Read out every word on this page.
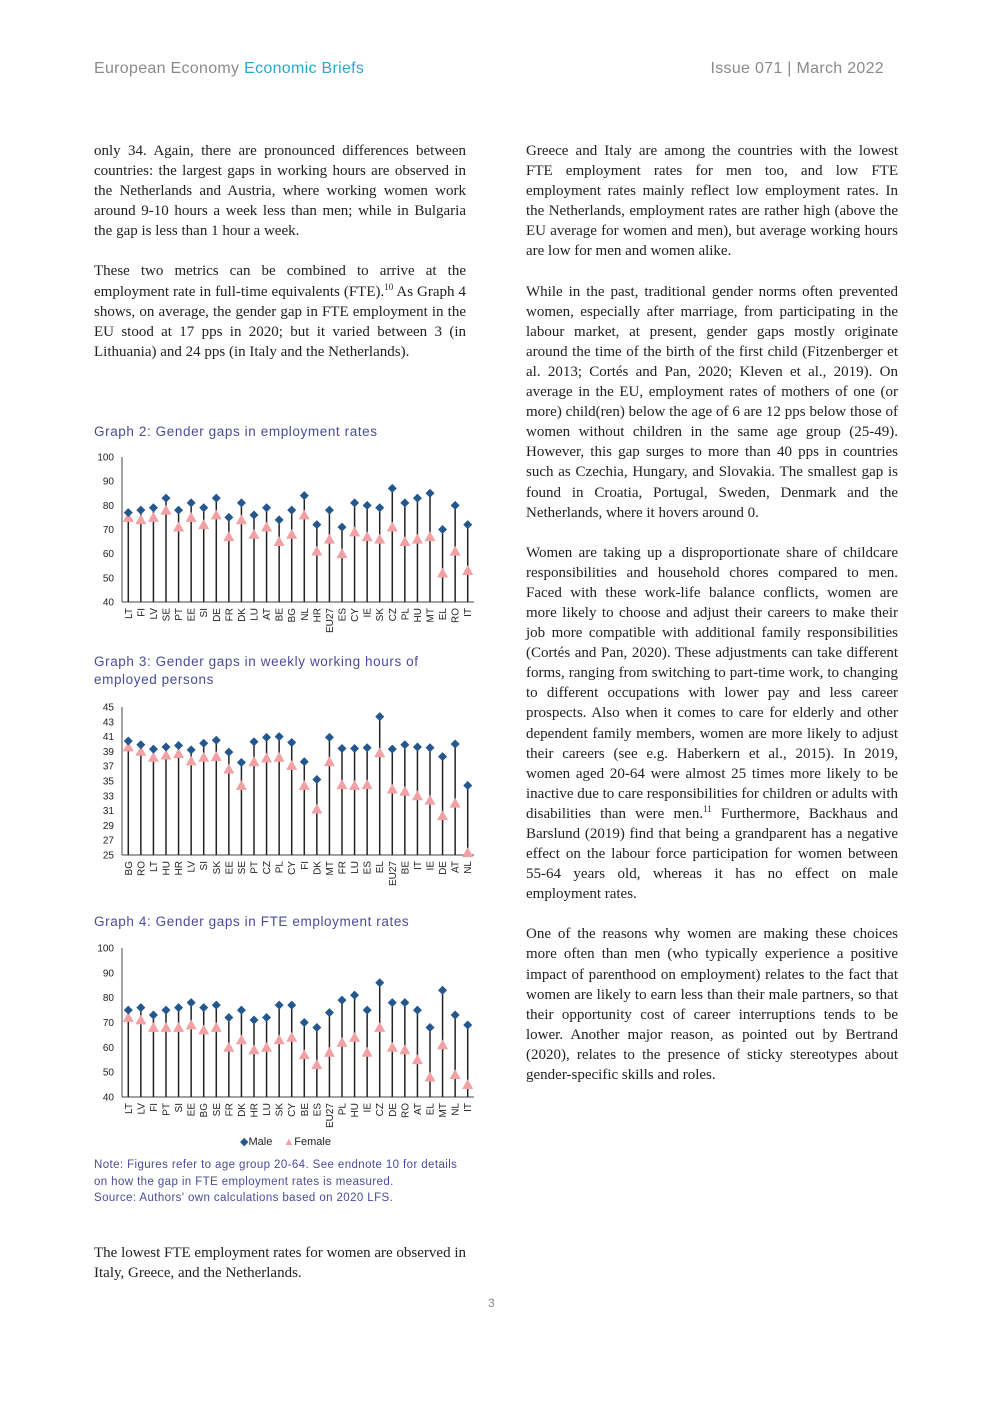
European Economy Economic Briefs	Issue 071 | March 2022

only 34. Again, there are pronounced differences between countries: the largest gaps in working hours are observed in the Netherlands and Austria, where working women work around 9-10 hours a week less than men; while in Bulgaria the gap is less than 1 hour a week.

These two metrics can be combined to arrive at the employment rate in full-time equivalents (FTE).$^{10}$ As Graph 4 shows, on average, the gender gap in FTE employment in the EU stood at 17 pps in 2020; but it varied between 3 (in Lithuania) and 24 pps (in Italy and the Netherlands).

Graph 2: Gender gaps in employment rates
Graph 3: Gender gaps in weekly working hours of employed persons
Graph 4: Gender gaps in FTE employment rates
40
50
60
70
80
90
100
LT FI LV SE PT EE SI DE FR DK LU AT BE BG NL HR EU27 ES CY IE SK CZ PL HU MT EL RO IT
25
27
29
31
33
35
37
39
41
43
45
BG RO LT HU HR LV SI SK EE SE PT CZ PL CY FI DK MT FR LU ES EL EU27 BE IT IE DE AT NL
40
50
60
70
80
90
100
LT LV FI PT SI EE BG SE FR DK HR LU SK CY BE ES EU27 PL HU IE CZ DE RO AT EL MT NL IT
◆Male ▲Female
Note: Figures refer to age group 20-64. See endnote 10 for details on how the gap in FTE employment rates is measured.
Source: Authors' own calculations based on 2020 LFS.
The lowest FTE employment rates for women are observed in Italy, Greece, and the Netherlands.

Greece and Italy are among the countries with the lowest FTE employment rates for men too, and low FTE employment rates mainly reflect low employment rates. In the Netherlands, employment rates are rather high (above the EU average for women and men), but average working hours are low for men and women alike.

While in the past, traditional gender norms often prevented women, especially after marriage, from participating in the labour market, at present, gender gaps mostly originate around the time of the birth of the first child (Fitzenberger et al. 2013; Cortés and Pan, 2020; Kleven et al., 2019). On average in the EU, employment rates of mothers of one (or more) child(ren) below the age of 6 are 12 pps below those of women without children in the same age group (25-49). However, this gap surges to more than 40 pps in countries such as Czechia, Hungary, and Slovakia. The smallest gap is found in Croatia, Portugal, Sweden, Denmark and the Netherlands, where it hovers around 0.

Women are taking up a disproportionate share of childcare responsibilities and household chores compared to men. Faced with these work-life balance conflicts, women are more likely to choose and adjust their careers to make their job more compatible with additional family responsibilities (Cortés and Pan, 2020). These adjustments can take different forms, ranging from switching to part-time work, to changing to different occupations with lower pay and less career prospects. Also when it comes to care for elderly and other dependent family members, women are more likely to adjust their careers (see e.g. Haberkern et al., 2015). In 2019, women aged 20-64 were almost 25 times more likely to be inactive due to care responsibilities for children or adults with disabilities than were men.$^{11}$ Furthermore, Backhaus and Barslund (2019) find that being a grandparent has a negative effect on the labour force participation for women between 55-64 years old, whereas it has no effect on male employment rates.

One of the reasons why women are making these choices more often than men (who typically experience a positive impact of parenthood on employment) relates to the fact that women are likely to earn less than their male partners, so that their opportunity cost of career interruptions tends to be lower. Another major reason, as pointed out by Bertrand (2020), relates to the presence of sticky stereotypes about gender-specific skills and roles.

3
